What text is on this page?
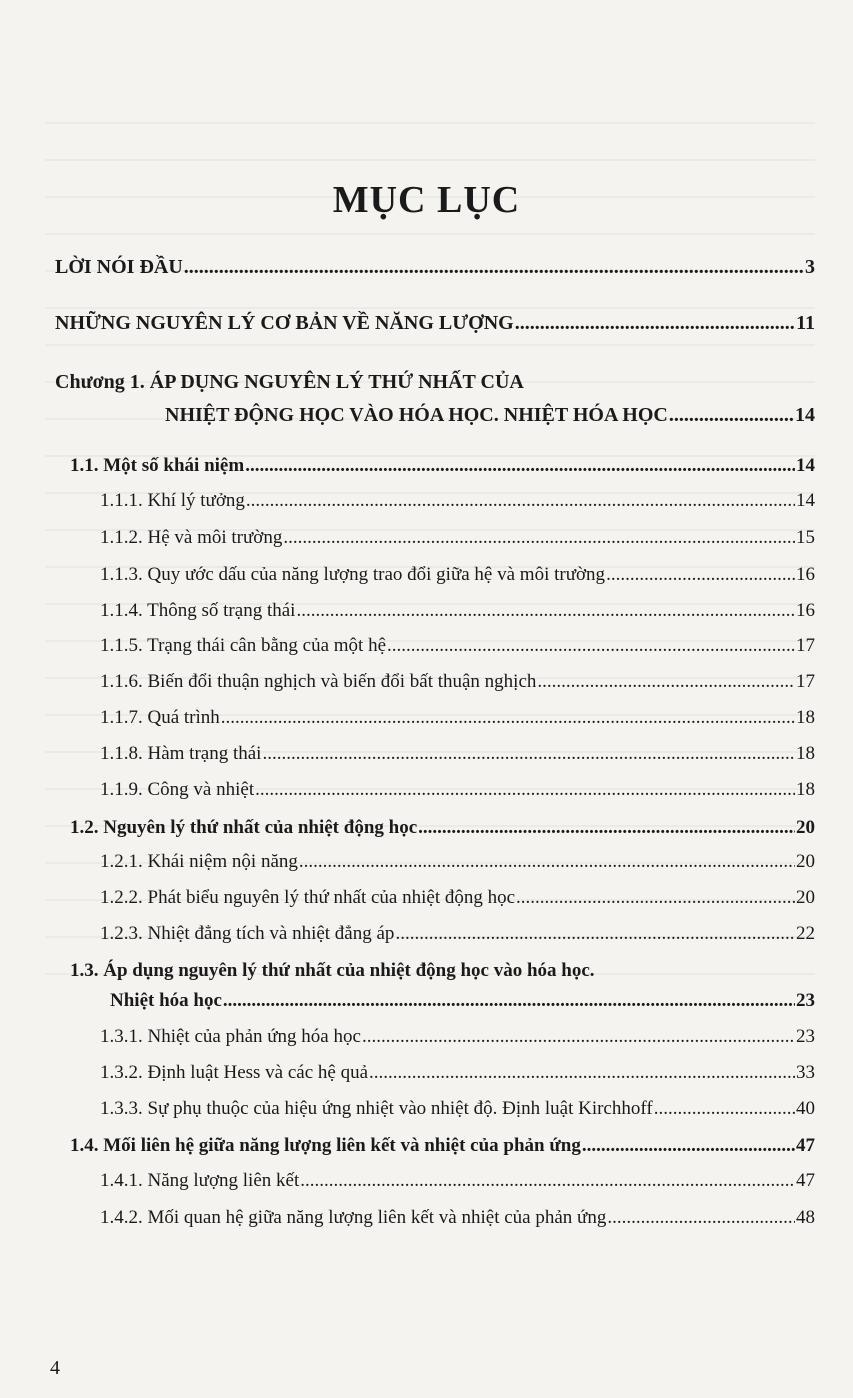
MỤC LỤC
LỜI NÓI ĐẦU .....	3
NHỮNG NGUYÊN LÝ CƠ BẢN VỀ NĂNG LƯỢNG .....	11
Chương 1. ÁP DỤNG NGUYÊN LÝ THỨ NHẤT CỦA
NHIỆT ĐỘNG HỌC VÀO HÓA HỌC. NHIỆT HÓA HỌC .....	14
1.1. Một số khái niệm .....	14
1.1.1. Khí lý tưởng .....	14
1.1.2. Hệ và môi trường .....	15
1.1.3. Quy ước dấu của năng lượng trao đổi giữa hệ và môi trường .....	16
1.1.4. Thông số trạng thái .....	16
1.1.5. Trạng thái cân bằng của một hệ .....	17
1.1.6. Biến đổi thuận nghịch và biến đổi bất thuận nghịch .....	17
1.1.7. Quá trình .....	18
1.1.8. Hàm trạng thái .....	18
1.1.9. Công và nhiệt .....	18
1.2. Nguyên lý thứ nhất của nhiệt động học .....	20
1.2.1. Khái niệm nội năng .....	20
1.2.2. Phát biểu nguyên lý thứ nhất của nhiệt động học .....	20
1.2.3. Nhiệt đẳng tích và nhiệt đẳng áp .....	22
1.3. Áp dụng nguyên lý thứ nhất của nhiệt động học vào hóa học.
Nhiệt hóa học .....	23
1.3.1. Nhiệt của phản ứng hóa học .....	23
1.3.2. Định luật Hess và các hệ quả .....	33
1.3.3. Sự phụ thuộc của hiệu ứng nhiệt vào nhiệt độ. Định luật Kirchhoff .....	40
1.4. Mối liên hệ giữa năng lượng liên kết và nhiệt của phản ứng .....	47
1.4.1. Năng lượng liên kết .....	47
1.4.2. Mối quan hệ giữa năng lượng liên kết và nhiệt của phản ứng .....	48
4
